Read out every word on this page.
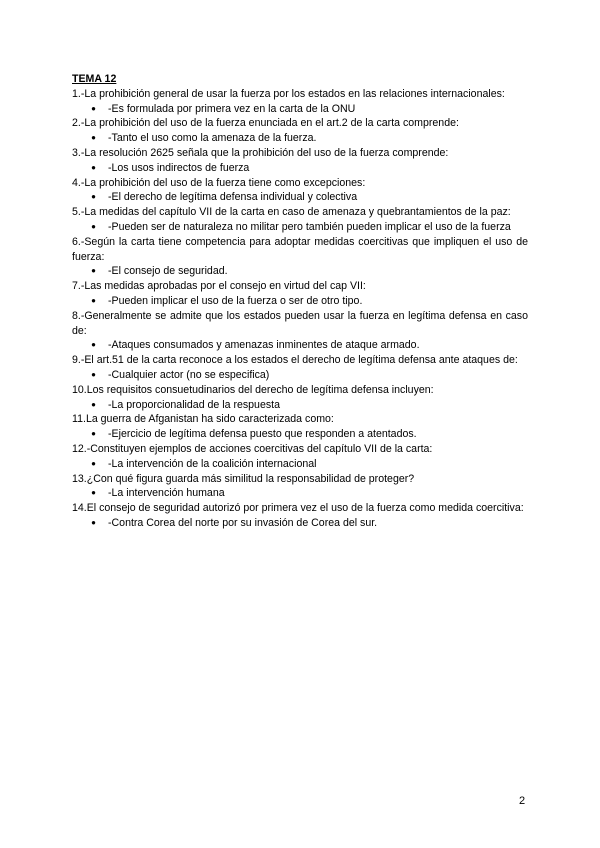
TEMA 12

1.-La prohibición general de usar la fuerza por los estados en las relaciones internacionales:

●	-Es formulada por primera vez en la carta de la ONU

2.-La prohibición del uso de la fuerza enunciada en el art.2 de la carta comprende:

●	-Tanto el uso como la amenaza de la fuerza.

3.-La resolución 2625 señala que la prohibición del uso de la fuerza comprende:

●	-Los usos indirectos de fuerza

4.-La prohibición del uso de la fuerza tiene como excepciones:

●	-El derecho de legítima defensa individual y colectiva

5.-La medidas del capítulo VII de la carta en caso de amenaza y quebrantamientos de la paz:

●	-Pueden ser de naturaleza no militar pero también pueden implicar el uso de la fuerza

6.-Según la carta tiene competencia para adoptar medidas coercitivas que impliquen el uso de fuerza:

●	-El consejo de seguridad.

7.-Las medidas aprobadas por el consejo en virtud del cap VII:

●	-Pueden implicar el uso de la fuerza o ser de otro tipo.

8.-Generalmente se admite que los estados pueden usar la fuerza en legítima defensa en caso de:

●	-Ataques consumados y amenazas inminentes de ataque armado.

9.-El art.51 de la carta reconoce a los estados el derecho de legítima defensa ante ataques de:

●	-Cualquier actor (no se especifica)

10.Los requisitos consuetudinarios del derecho de legítima defensa incluyen:

●	-La proporcionalidad de la respuesta

11.La guerra de Afganistan ha sido caracterizada como:

●	-Ejercicio de legítima defensa puesto que responden a atentados.

12.-Constituyen ejemplos de acciones coercitivas del capítulo VII de la carta:

●	-La intervención de la coalición internacional

13.¿Con qué figura guarda más similitud la responsabilidad de proteger?

●	-La intervención humana

14.El consejo de seguridad autorizó por primera vez el uso de la fuerza como medida coercitiva:

●	-Contra Corea del norte por su invasión de Corea del sur.
2
